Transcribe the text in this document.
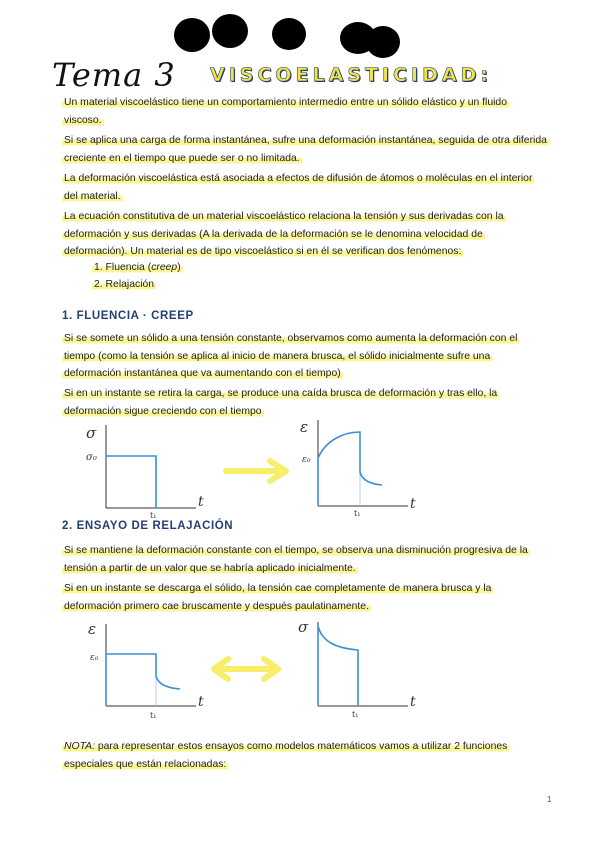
Tema 3 VISCOELASTICIDAD:

Un material viscoelástico tiene un comportamiento intermedio entre un sólido elástico y un fluido viscoso.

Si se aplica una carga de forma instantánea, sufre una deformación instantánea, seguida de otra diferida creciente en el tiempo que puede ser o no limitada.

La deformación viscoelástica está asociada a efectos de difusión de átomos o moléculas en el interior del material.

La ecuación constitutiva de un material viscoelástico relaciona la tensión y sus derivadas con la deformación y sus derivadas (A la derivada de la deformación se le denomina velocidad de deformación). Un material es de tipo viscoelástico si en él se verifican dos fenómenos:

1. Fluencia (creep)
2. Relajación
1. FLUENCIA · CREEP

Si se somete un sólido a una tensión constante, observamos como aumenta la deformación con el tiempo (como la tensión se aplica al inicio de manera brusca, el sólido inicialmente sufre una deformación instantánea que va aumentando con el tiempo)

Si en un instante se retira la carga, se produce una caída brusca de deformación y tras ello, la deformación sigue creciendo con el tiempo

σ
σ₀
t₁
t
ε
ε₀
t₁
t
2. ENSAYO DE RELAJACIÓN

Si se mantiene la deformación constante con el tiempo, se observa una disminución progresiva de la tensión a partir de un valor que se habría aplicado inicialmente.

Si en un instante se descarga el sólido, la tensión cae completamente de manera brusca y la deformación primero cae bruscamente y después paulatinamente.

ε
ε₀
t₁
t
σ
t₁
t

NOTA: para representar estos ensayos como modelos matemáticos vamos a utilizar 2 funciones especiales que están relacionadas:

1
